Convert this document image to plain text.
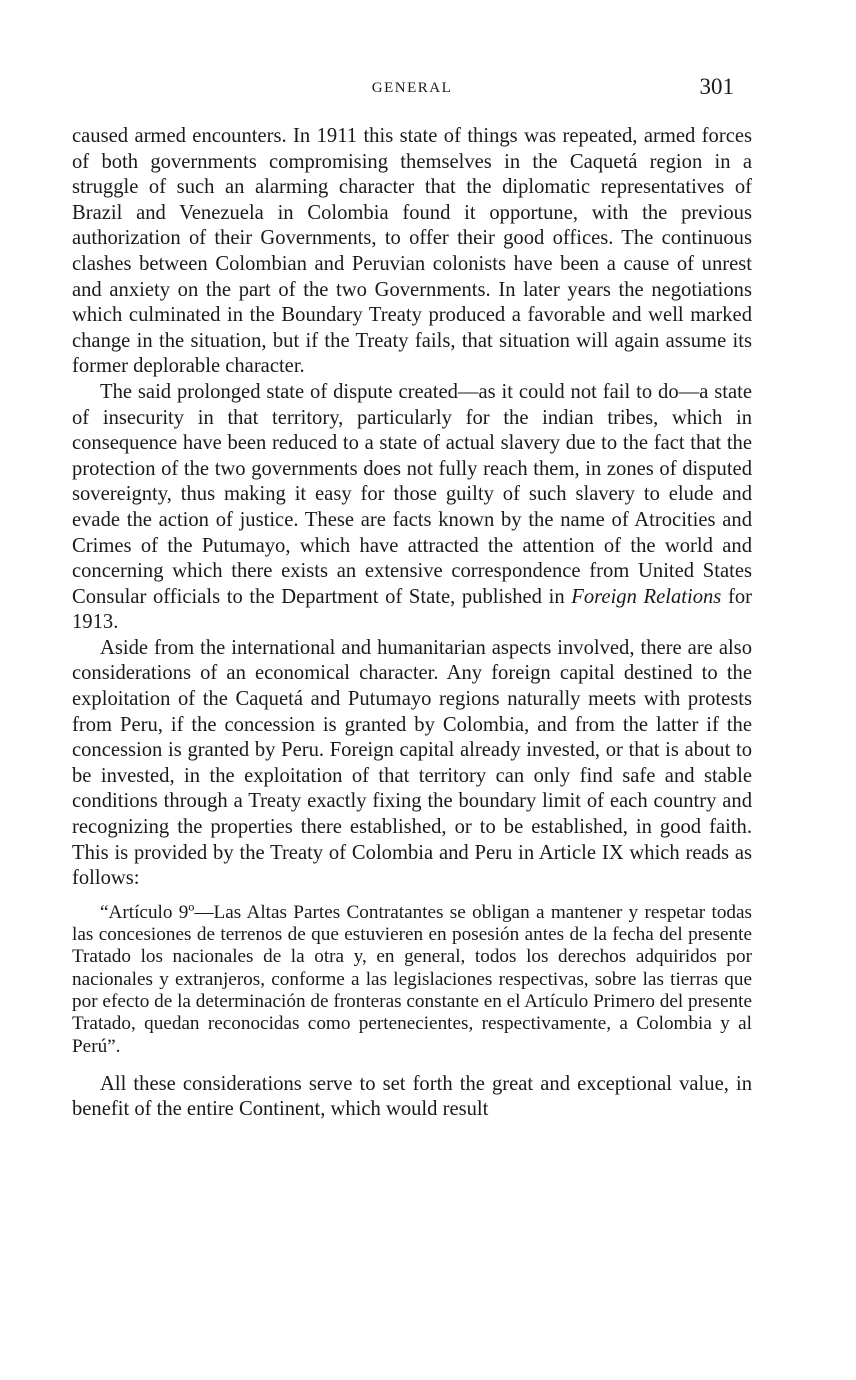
GENERAL	301

caused armed encounters. In 1911 this state of things was repeated, armed forces of both governments compromising themselves in the Caquetá region in a struggle of such an alarming character that the diplomatic representatives of Brazil and Venezuela in Colombia found it opportune, with the previous authorization of their Governments, to offer their good offices. The continuous clashes between Colombian and Peruvian colonists have been a cause of unrest and anxiety on the part of the two Governments. In later years the negotiations which culminated in the Boundary Treaty produced a favorable and well marked change in the situation, but if the Treaty fails, that situation will again assume its former deplorable character.

The said prolonged state of dispute created—as it could not fail to do—a state of insecurity in that territory, particularly for the indian tribes, which in consequence have been reduced to a state of actual slavery due to the fact that the protection of the two governments does not fully reach them, in zones of disputed sovereignty, thus making it easy for those guilty of such slavery to elude and evade the action of justice. These are facts known by the name of Atrocities and Crimes of the Putumayo, which have attracted the attention of the world and concerning which there exists an extensive correspondence from United States Consular officials to the Department of State, published in Foreign Relations for 1913.

Aside from the international and humanitarian aspects involved, there are also considerations of an economical character. Any foreign capital destined to the exploitation of the Caquetá and Putumayo regions naturally meets with protests from Peru, if the concession is granted by Colombia, and from the latter if the concession is granted by Peru. Foreign capital already invested, or that is about to be invested, in the exploitation of that territory can only find safe and stable conditions through a Treaty exactly fixing the boundary limit of each country and recognizing the properties there established, or to be established, in good faith. This is provided by the Treaty of Colombia and Peru in Article IX which reads as follows:

“Artículo 9º—Las Altas Partes Contratantes se obligan a mantener y respetar todas las concesiones de terrenos de que estuvieren en posesión antes de la fecha del presente Tratado los nacionales de la otra y, en general, todos los derechos adquiridos por nacionales y extranjeros, conforme a las legislaciones respectivas, sobre las tierras que por efecto de la determinación de fronteras constante en el Artículo Primero del presente Tratado, quedan reconocidas como pertenecientes, respectivamente, a Colombia y al Perú”.

All these considerations serve to set forth the great and exceptional value, in benefit of the entire Continent, which would result
